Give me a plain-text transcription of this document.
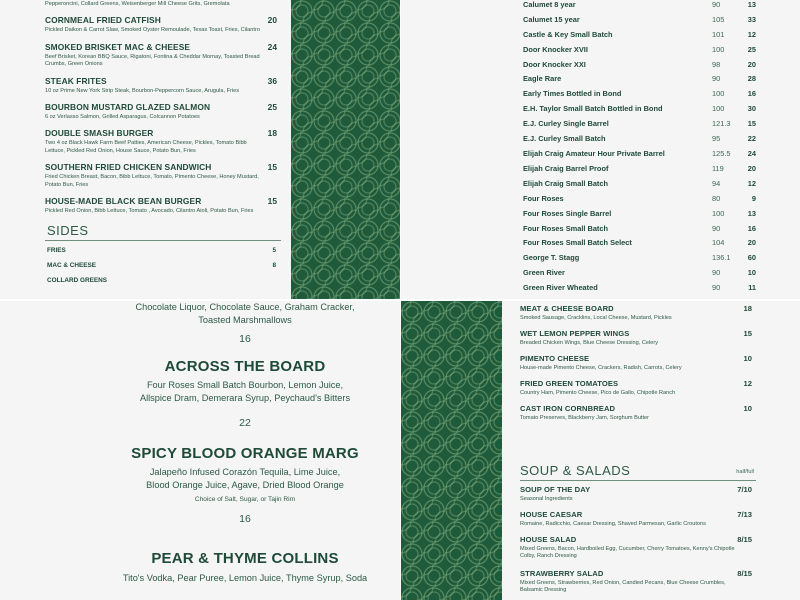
Pepperoncini, Collard Greens, Weisenberger Mill Cheese Grits, Gremolata
CORNMEAL FRIED CATFISH	20
Pickled Daikon & Carrot Slaw, Smoked Oyster Remoulade, Texas Toast, Fries, Cilantro
SMOKED BRISKET MAC & CHEESE	24
Beef Brisket, Korean BBQ Sauce, Rigatoni, Fontina & Cheddar Mornay, Toasted Bread Crumbs, Green Onions
STEAK FRITES	36
10 oz Prime New York Strip Steak, Bourbon-Peppercorn Sauce, Arugula, Fries
BOURBON MUSTARD GLAZED SALMON	25
6 oz Verlasso Salmon, Grilled Asparagus, Colcannon Potatoes
DOUBLE SMASH BURGER	18
Two 4 oz Black Hawk Farm Beef Patties, American Cheese, Pickles, Tomato Bibb Lettuce, Pickled Red Onion, House Sauce, Potato Bun, Fries
SOUTHERN FRIED CHICKEN SANDWICH	15
Fried Chicken Breast, Bacon, Bibb Lettuce, Tomato, Pimento Cheese, Honey Mustard, Potato Bun, Fries
HOUSE-MADE BLACK BEAN BURGER	15
Pickled Red Onion, Bibb Lettuce, Tomato , Avocado, Cilantro Aioli, Potato Bun, Fries
SIDES
FRIES	5
MAC & CHEESE	8
COLLARD GREENS
Calumet 8 year	90	13
Calumet 15 year	105	33
Castle & Key Small Batch	101	12
Door Knocker XVII	100	25
Door Knocker XXI	98	20
Eagle Rare	90	28
Early Times Bottled in Bond	100	16
E.H. Taylor Small Batch Bottled in Bond	100	30
E.J. Curley Single Barrel	121.3 15
E.J. Curley Small Batch	95	22
Elijah Craig Amateur Hour Private Barrel	125.5 24
Elijah Craig Barrel Proof	119	20
Elijah Craig Small Batch	94	12
Four Roses	80	9
Four Roses Single Barrel	100	13
Four Roses Small Batch	90	16
Four Roses Small Batch Select	104	20
George T. Stagg	136.1 60
Green River	90	10
Green River Wheated	90	11
Chocolate Liquor, Chocolate Sauce, Graham Cracker,
Toasted Marshmallows
16
ACROSS THE BOARD
Four Roses Small Batch Bourbon, Lemon Juice,
Allspice Dram, Demerara Syrup, Peychaud's Bitters
22
SPICY BLOOD ORANGE MARG
Jalapeño Infused Corazón Tequila, Lime Juice,
Blood Orange Juice, Agave, Dried Blood Orange
Choice of Salt, Sugar, or Tajin Rim
16
PEAR & THYME COLLINS
Tito's Vodka, Pear Puree, Lemon Juice, Thyme Syrup, Soda
MEAT & CHEESE BOARD	18
Smoked Sausage, Cracklins, Local Cheese, Mustard, Pickles
WET LEMON PEPPER WINGS	15
Breaded Chicken Wings, Blue Cheese Dressing, Celery
PIMENTO CHEESE	10
House-made Pimento Cheese, Crackers, Radish, Carrots, Celery
FRIED GREEN TOMATOES	12
Country Ham, Pimento Cheese, Pico de Gallo, Chipotle Ranch
CAST IRON CORNBREAD	10
Tomato Preserves, Blackberry Jam, Sorghum Butter
SOUP & SALADS	half/full
SOUP OF THE DAY	7/10
Seasonal Ingredients
HOUSE CAESAR	7/13
Romaine, Radicchio, Caesar Dressing, Shaved Parmesan, Garlic Croutons
HOUSE SALAD	8/15
Mixed Greens, Bacon, Hardboiled Egg, Cucumber, Cherry Tomatoes, Kenny's Chipotle Colby, Ranch Dressing
STRAWBERRY SALAD	8/15
Mixed Greens, Strawberries, Red Onion, Candied Pecans, Blue Cheese Crumbles, Balsamic Dressing
